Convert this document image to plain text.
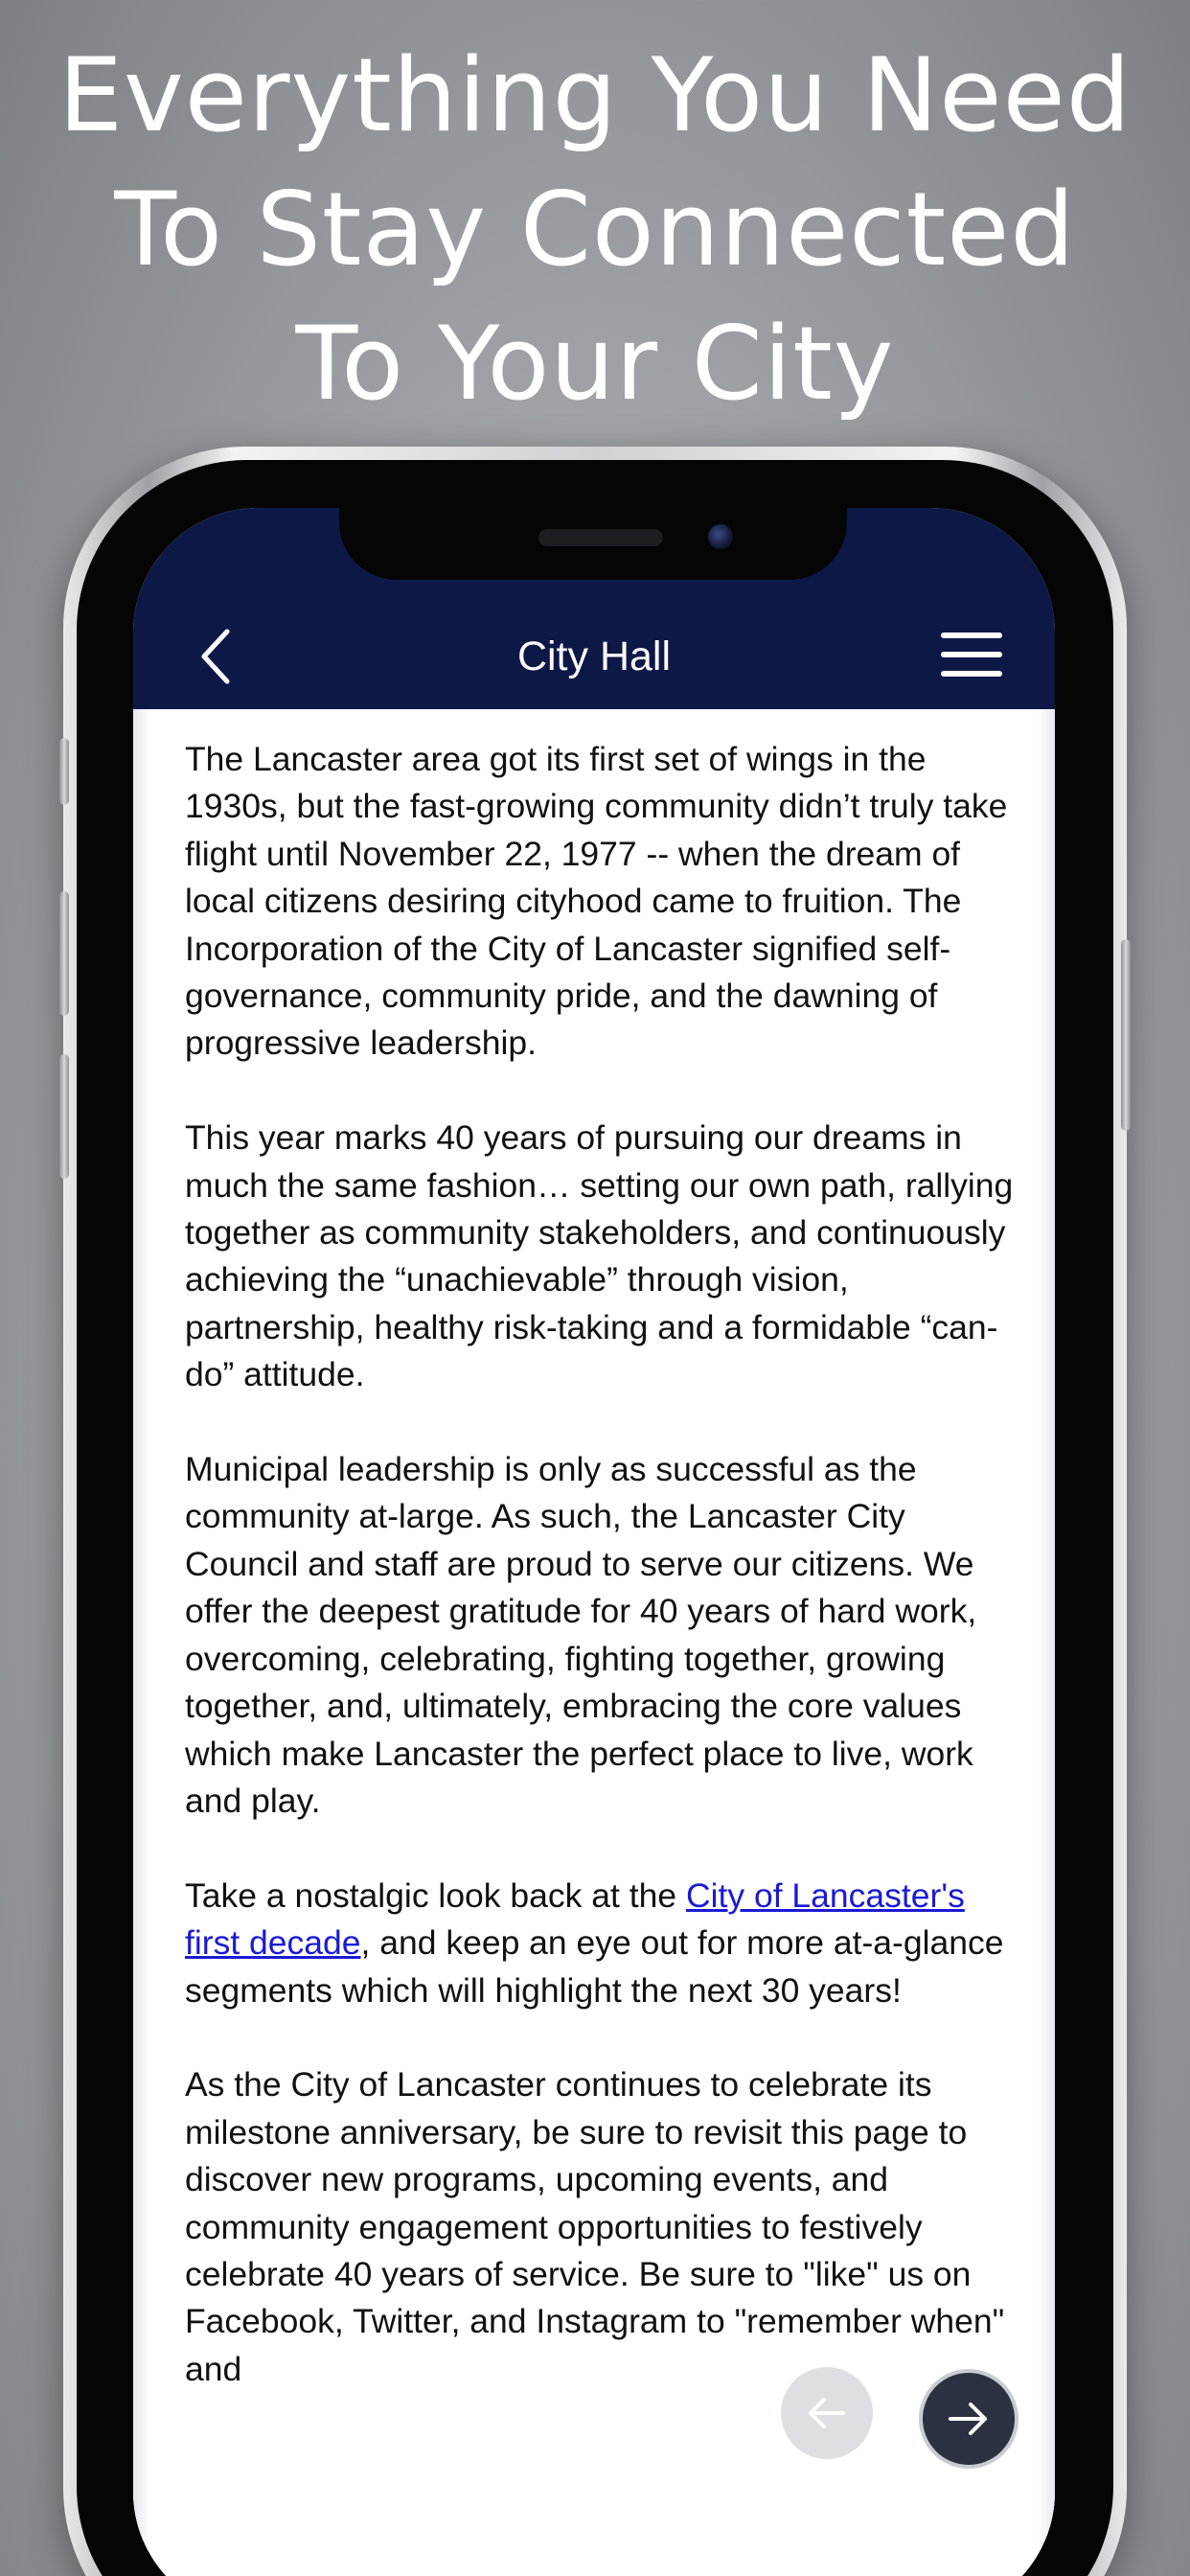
Everything You Need
To Stay Connected
To Your City
City Hall

The Lancaster area got its first set of wings in the 1930s, but the fast-growing community didn’t truly take flight until November 22, 1977 -- when the dream of local citizens desiring cityhood came to fruition. The Incorporation of the City of Lancaster signified self-governance, community pride, and the dawning of progressive leadership.

This year marks 40 years of pursuing our dreams in much the same fashion… setting our own path, rallying together as community stakeholders, and continuously achieving the “unachievable” through vision, partnership, healthy risk-taking and a formidable “can-do” attitude.

Municipal leadership is only as successful as the community at-large. As such, the Lancaster City Council and staff are proud to serve our citizens. We offer the deepest gratitude for 40 years of hard work, overcoming, celebrating, fighting together, growing together, and, ultimately, embracing the core values which make Lancaster the perfect place to live, work and play.

Take a nostalgic look back at the City of Lancaster's first decade, and keep an eye out for more at-a-glance segments which will highlight the next 30 years!

As the City of Lancaster continues to celebrate its milestone anniversary, be sure to revisit this page to discover new programs, upcoming events, and community engagement opportunities to festively celebrate 40 years of service. Be sure to "like" us on Facebook, Twitter, and Instagram to "remember when" and
